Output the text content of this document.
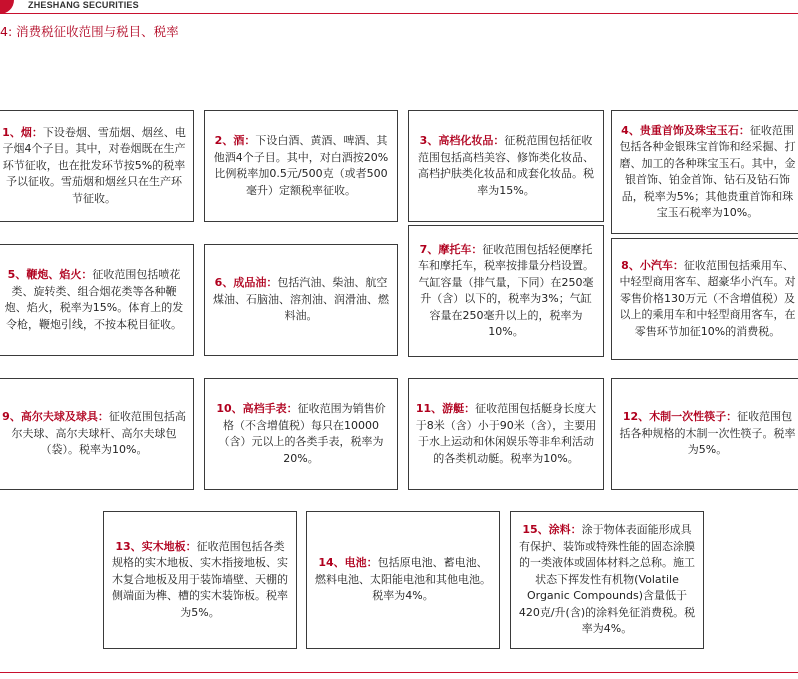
ZHESHANG SECURITIES
4: 消费税征收范围与税目、税率
1、烟：下设卷烟、雪茄烟、烟丝、电子烟4个子目。其中，对卷烟既在生产环节征收，也在批发环节按5%的税率予以征收。雪茄烟和烟丝只在生产环节征收。
2、酒：下设白酒、黄酒、啤酒、其他酒4个子目。其中，对白酒按20%比例税率加0.5元/500克（或者500毫升）定额税率征收。
3、高档化妆品：征税范围包括征收范围包括高档美容、修饰类化妆品、高档护肤类化妆品和成套化妆品。税率为15%。
4、贵重首饰及珠宝玉石：征收范围包括各种金银珠宝首饰和经采掘、打磨、加工的各种珠宝玉石。其中，金银首饰、铂金首饰、钻石及钻石饰品，税率为5%；其他贵重首饰和珠宝玉石税率为10%。
5、鞭炮、焰火：征收范围包括喷花类、旋转类、组合烟花类等各种鞭炮、焰火，税率为15%。体育上的发令枪，鞭炮引线，不按本税目征收。
6、成品油：包括汽油、柴油、航空煤油、石脑油、溶剂油、润滑油、燃料油。
7、摩托车：征收范围包括轻便摩托车和摩托车，税率按排量分档设置。气缸容量（排气量，下同）在250毫升（含）以下的，税率为3%；气缸容量在250毫升以上的，税率为10%。
8、小汽车：征收范围包括乘用车、中轻型商用客车、超豪华小汽车。对零售价格130万元（不含增值税）及以上的乘用车和中轻型商用客车，在零售环节加征10%的消费税。
9、高尔夫球及球具：征收范围包括高尔夫球、高尔夫球杆、高尔夫球包（袋）。税率为10%。
10、高档手表：征收范围为销售价格（不含增值税）每只在10000（含）元以上的各类手表，税率为20%。
11、游艇：征收范围包括艇身长度大于8米（含）小于90米（含），主要用于水上运动和休闲娱乐等非牟利活动的各类机动艇。税率为10%。
12、木制一次性筷子：征收范围包括各种规格的木制一次性筷子。税率为5%。
13、实木地板：征收范围包括各类规格的实木地板、实木指接地板、实木复合地板及用于装饰墙壁、天棚的侧端面为榫、槽的实木装饰板。税率为5%。
14、电池：包括原电池、蓄电池、燃料电池、太阳能电池和其他电池。税率为4%。
15、涂料：涂于物体表面能形成具有保护、装饰或特殊性能的固态涂膜的一类液体或固体材料之总称。施工状态下挥发性有机物(Volatile Organic Compounds)含量低于420克/升(含)的涂料免征消费税。税率为4%。
